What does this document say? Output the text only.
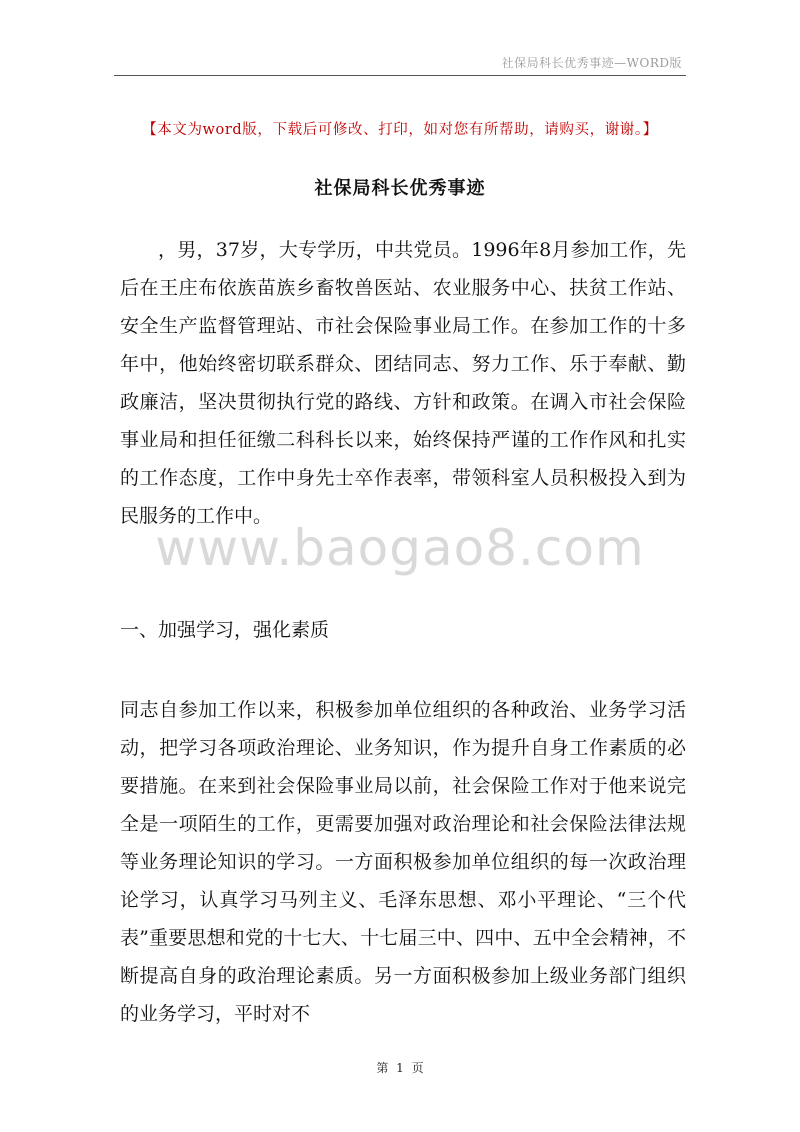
社保局科长优秀事迹—WORD版
【本文为word版，下载后可修改、打印，如对您有所帮助，请购买，谢谢。】
社保局科长优秀事迹
，男，37岁，大专学历，中共党员。1996年8月参加工作，先后在王庄布依族苗族乡畜牧兽医站、农业服务中心、扶贫工作站、安全生产监督管理站、市社会保险事业局工作。在参加工作的十多年中，他始终密切联系群众、团结同志、努力工作、乐于奉献、勤政廉洁，坚决贯彻执行党的路线、方针和政策。在调入市社会保险事业局和担任征缴二科科长以来，始终保持严谨的工作作风和扎实的工作态度，工作中身先士卒作表率，带领科室人员积极投入到为民服务的工作中。
一、加强学习，强化素质
同志自参加工作以来，积极参加单位组织的各种政治、业务学习活动，把学习各项政治理论、业务知识，作为提升自身工作素质的必要措施。在来到社会保险事业局以前，社会保险工作对于他来说完全是一项陌生的工作，更需要加强对政治理论和社会保险法律法规等业务理论知识的学习。一方面积极参加单位组织的每一次政治理论学习，认真学习马列主义、毛泽东思想、邓小平理论、“三个代表”重要思想和党的十七大、十七届三中、四中、五中全会精神，不断提高自身的政治理论素质。另一方面积极参加上级业务部门组织的业务学习，平时对不
www.baogao8.com
第 1 页
